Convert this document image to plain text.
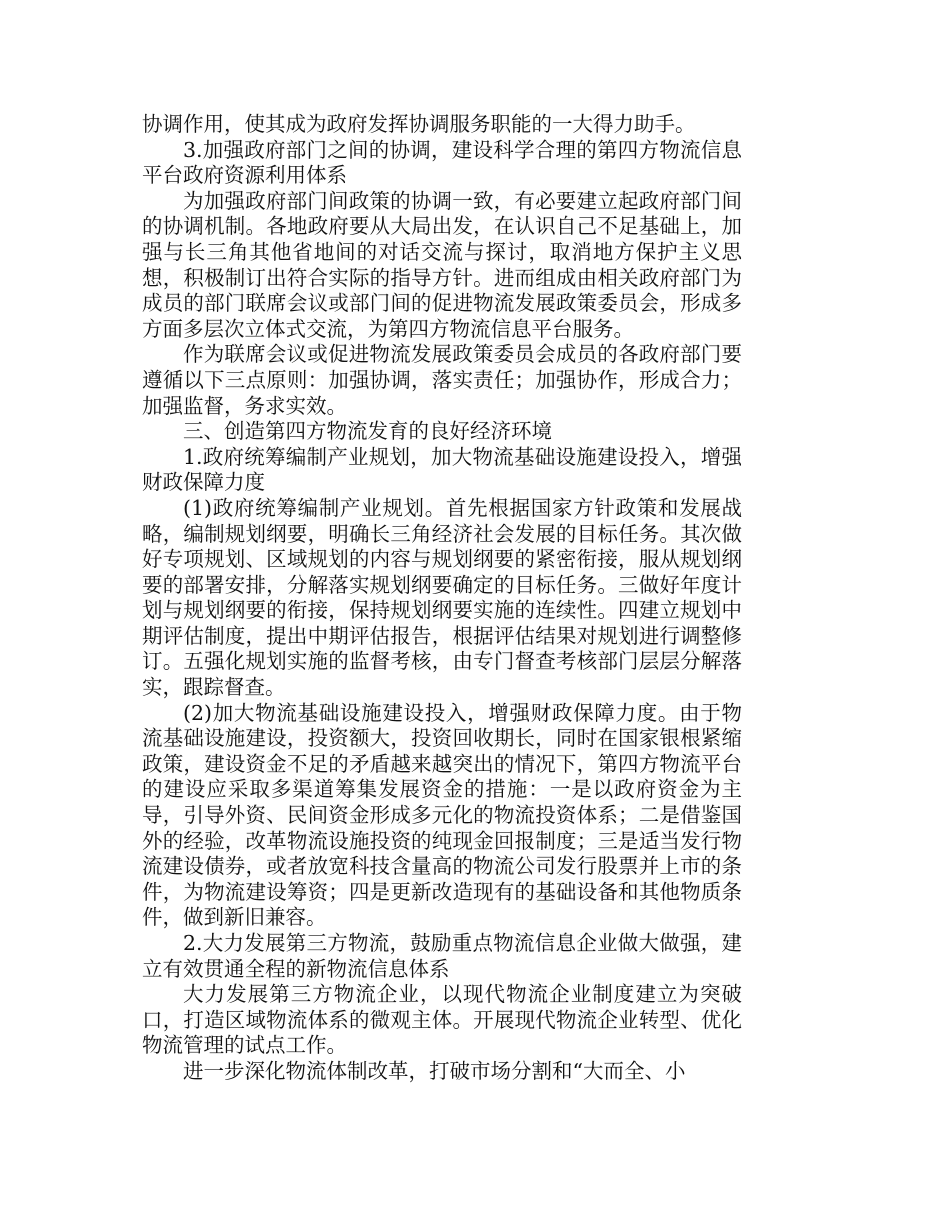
协调作用，使其成为政府发挥协调服务职能的一大得力助手。

3.加强政府部门之间的协调，建设科学合理的第四方物流信息平台政府资源利用体系

为加强政府部门间政策的协调一致，有必要建立起政府部门间的协调机制。各地政府要从大局出发，在认识自己不足基础上，加强与长三角其他省地间的对话交流与探讨，取消地方保护主义思想，积极制订出符合实际的指导方针。进而组成由相关政府部门为成员的部门联席会议或部门间的促进物流发展政策委员会，形成多方面多层次立体式交流，为第四方物流信息平台服务。

作为联席会议或促进物流发展政策委员会成员的各政府部门要遵循以下三点原则：加强协调，落实责任；加强协作，形成合力；加强监督，务求实效。

三、创造第四方物流发育的良好经济环境

1.政府统筹编制产业规划，加大物流基础设施建设投入，增强财政保障力度

(1)政府统筹编制产业规划。首先根据国家方针政策和发展战略，编制规划纲要，明确长三角经济社会发展的目标任务。其次做好专项规划、区域规划的内容与规划纲要的紧密衔接，服从规划纲要的部署安排，分解落实规划纲要确定的目标任务。三做好年度计划与规划纲要的衔接，保持规划纲要实施的连续性。四建立规划中期评估制度，提出中期评估报告，根据评估结果对规划进行调整修订。五强化规划实施的监督考核，由专门督查考核部门层层分解落实，跟踪督查。

(2)加大物流基础设施建设投入，增强财政保障力度。由于物流基础设施建设，投资额大，投资回收期长，同时在国家银根紧缩政策，建设资金不足的矛盾越来越突出的情况下，第四方物流平台的建设应采取多渠道筹集发展资金的措施：一是以政府资金为主导，引导外资、民间资金形成多元化的物流投资体系；二是借鉴国外的经验，改革物流设施投资的纯现金回报制度；三是适当发行物流建设债券，或者放宽科技含量高的物流公司发行股票并上市的条件，为物流建设筹资；四是更新改造现有的基础设备和其他物质条件，做到新旧兼容。

2.大力发展第三方物流，鼓励重点物流信息企业做大做强，建立有效贯通全程的新物流信息体系

大力发展第三方物流企业，以现代物流企业制度建立为突破口，打造区域物流体系的微观主体。开展现代物流企业转型、优化物流管理的试点工作。

进一步深化物流体制改革，打破市场分割和“大而全、小
